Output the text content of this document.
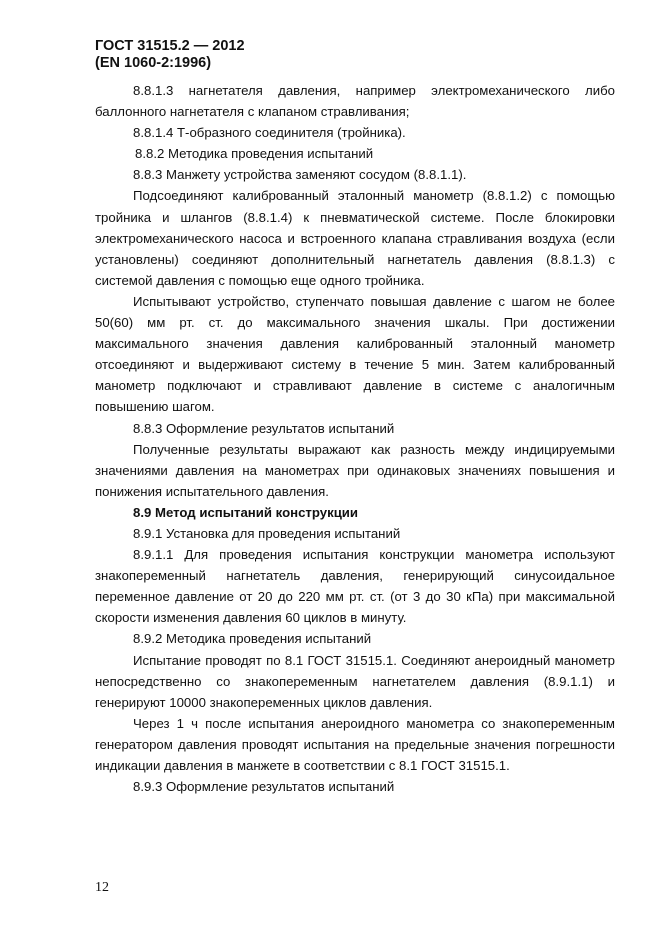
ГОСТ 31515.2 — 2012
(EN 1060-2:1996)

8.8.1.3 нагнетателя давления, например электромеханического либо баллонного нагнетателя с клапаном стравливания;

8.8.1.4 Т-образного соединителя (тройника).

8.8.2 Методика проведения испытаний

8.8.3 Манжету устройства заменяют сосудом (8.8.1.1).

Подсоединяют калиброванный эталонный манометр (8.8.1.2) с помощью тройника и шлангов (8.8.1.4) к пневматической системе. После блокировки электромеханического насоса и встроенного клапана стравливания воздуха (если установлены) соединяют дополнительный нагнетатель давления (8.8.1.3) с системой давления с помощью еще одного тройника.

Испытывают устройство, ступенчато повышая давление с шагом не более 50(60) мм рт. ст. до максимального значения шкалы. При достижении максимального значения давления калиброванный эталонный манометр отсоединяют и выдерживают систему в течение 5 мин. Затем калиброванный манометр подключают и стравливают давление в системе с аналогичным повышению шагом.

8.8.3 Оформление результатов испытаний

Полученные результаты выражают как разность между индицируемыми значениями давления на манометрах при одинаковых значениях повышения и понижения испытательного давления.

8.9 Метод испытаний конструкции

8.9.1 Установка для проведения испытаний

8.9.1.1 Для проведения испытания конструкции манометра используют знакопеременный нагнетатель давления, генерирующий синусоидальное переменное давление от 20 до 220 мм рт. ст. (от 3 до 30 кПа) при максимальной скорости изменения давления 60 циклов в минуту.

8.9.2 Методика проведения испытаний

Испытание проводят по 8.1 ГОСТ 31515.1. Соединяют анероидный манометр непосредственно со знакопеременным нагнетателем давления (8.9.1.1) и генерируют 10000 знакопеременных циклов давления.

Через 1 ч после испытания анероидного манометра со знакопеременным генератором давления проводят испытания на предельные значения погрешности индикации давления в манжете в соответствии с 8.1 ГОСТ 31515.1.

8.9.3 Оформление результатов испытаний

12
